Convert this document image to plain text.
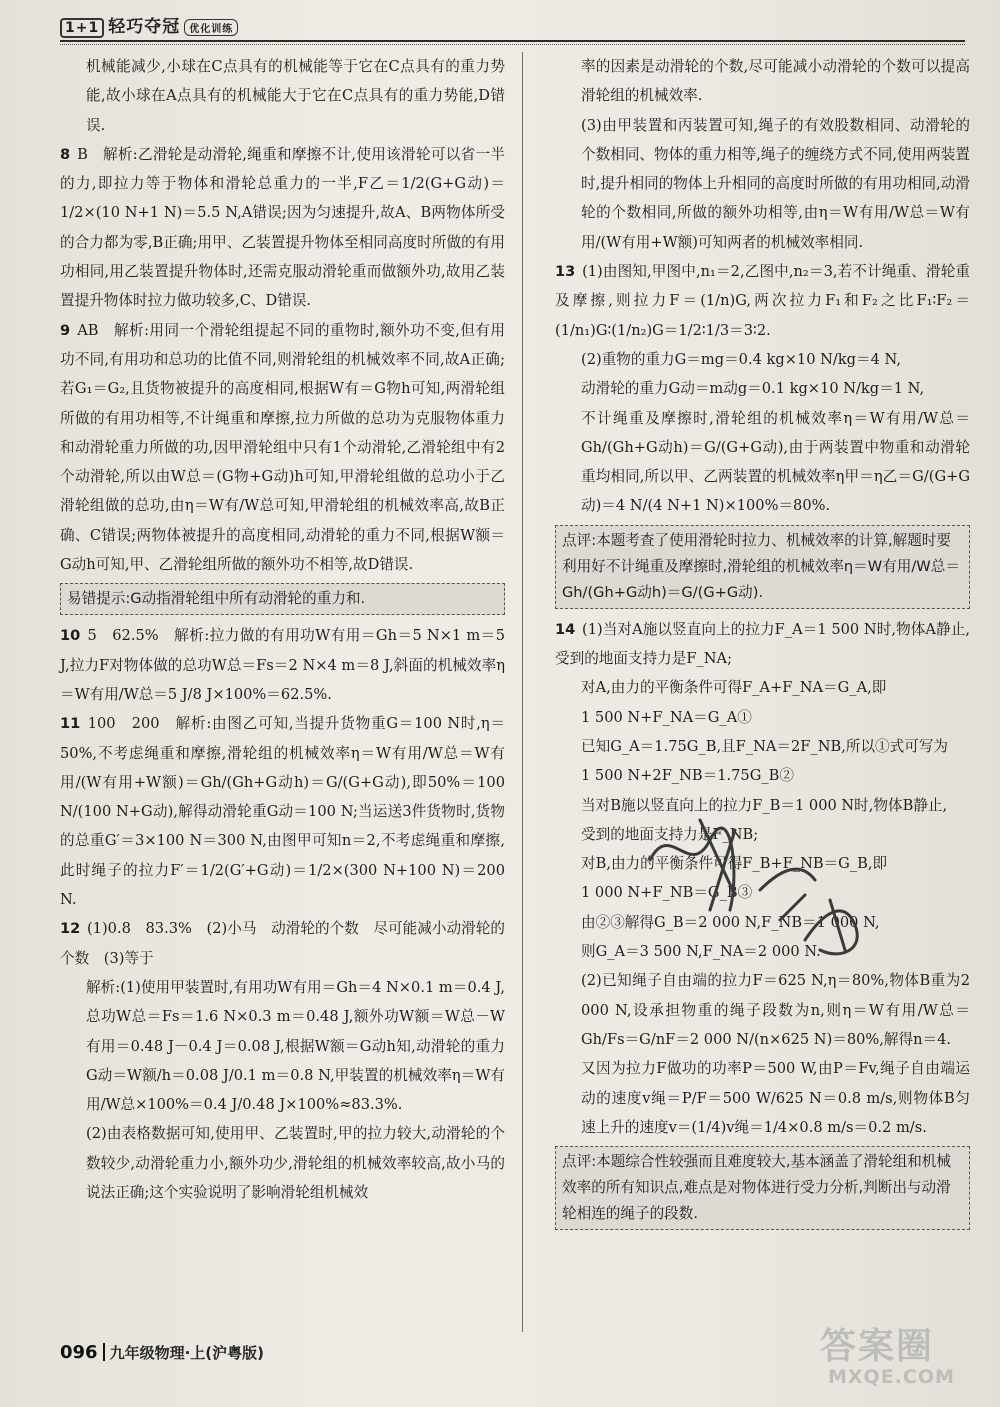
1+1 轻巧夺冠 优化训练

机械能减少,小球在C点具有的机械能等于它在C点具有的重力势能,故小球在A点具有的机械能大于它在C点具有的重力势能,D错误.

8 B　解析:乙滑轮是动滑轮,绳重和摩擦不计,使用该滑轮可以省一半的力,即拉力等于物体和滑轮总重力的一半,F乙＝1/2(G+G动)＝1/2×(10 N+1 N)＝5.5 N,A错误;因为匀速提升,故A、B两物体所受的合力都为零,B正确;用甲、乙装置提升物体至相同高度时所做的有用功相同,用乙装置提升物体时,还需克服动滑轮重而做额外功,故用乙装置提升物体时拉力做功较多,C、D错误.

9 AB　解析:用同一个滑轮组提起不同的重物时,额外功不变,但有用功不同,有用功和总功的比值不同,则滑轮组的机械效率不同,故A正确;若G₁＝G₂,且货物被提升的高度相同,根据W有＝G物h可知,两滑轮组所做的有用功相等,不计绳重和摩擦,拉力所做的总功为克服物体重力和动滑轮重力所做的功,因甲滑轮组中只有1个动滑轮,乙滑轮组中有2个动滑轮,所以由W总＝(G物+G动)h可知,甲滑轮组做的总功小于乙滑轮组做的总功,由η＝W有/W总可知,甲滑轮组的机械效率高,故B正确、C错误;两物体被提升的高度相同,动滑轮的重力不同,根据W额＝G动h可知,甲、乙滑轮组所做的额外功不相等,故D错误.

易错提示:G动指滑轮组中所有动滑轮的重力和.

10 5　62.5%　解析:拉力做的有用功W有用＝Gh＝5 N×1 m＝5 J,拉力F对物体做的总功W总＝Fs＝2 N×4 m＝8 J,斜面的机械效率η＝W有用/W总＝5 J/8 J×100%＝62.5%.

11 100　200　解析:由图乙可知,当提升货物重G＝100 N时,η＝50%,不考虑绳重和摩擦,滑轮组的机械效率η＝W有用/W总＝W有用/(W有用+W额)＝Gh/(Gh+G动h)＝G/(G+G动),即50%＝100 N/(100 N+G动),解得动滑轮重G动＝100 N;当运送3件货物时,货物的总重G′＝3×100 N＝300 N,由图甲可知n＝2,不考虑绳重和摩擦,此时绳子的拉力F′＝1/2(G′+G动)＝1/2×(300 N+100 N)＝200 N.

12 (1)0.8　83.3%　(2)小马　动滑轮的个数　尽可能减小动滑轮的个数　(3)等于

解析:(1)使用甲装置时,有用功W有用＝Gh＝4 N×0.1 m＝0.4 J,总功W总＝Fs＝1.6 N×0.3 m＝0.48 J,额外功W额＝W总－W有用＝0.48 J－0.4 J＝0.08 J,根据W额＝G动h知,动滑轮的重力G动＝W额/h＝0.08 J/0.1 m＝0.8 N,甲装置的机械效率η＝W有用/W总×100%＝0.4 J/0.48 J×100%≈83.3%.

(2)由表格数据可知,使用甲、乙装置时,甲的拉力较大,动滑轮的个数较少,动滑轮重力小,额外功少,滑轮组的机械效率较高,故小马的说法正确;这个实验说明了影响滑轮组机械效

率的因素是动滑轮的个数,尽可能减小动滑轮的个数可以提高滑轮组的机械效率.

(3)由甲装置和丙装置可知,绳子的有效股数相同、动滑轮的个数相同、物体的重力相等,绳子的缠绕方式不同,使用两装置时,提升相同的物体上升相同的高度时所做的有用功相同,动滑轮的个数相同,所做的额外功相等,由η＝W有用/W总＝W有用/(W有用+W额)可知两者的机械效率相同.

13 (1)由图知,甲图中,n₁＝2,乙图中,n₂＝3,若不计绳重、滑轮重及摩擦,则拉力F＝(1/n)G,两次拉力F₁和F₂之比F₁∶F₂＝(1/n₁)G∶(1/n₂)G＝1/2∶1/3＝3∶2.

(2)重物的重力G＝mg＝0.4 kg×10 N/kg＝4 N,

动滑轮的重力G动＝m动g＝0.1 kg×10 N/kg＝1 N,

不计绳重及摩擦时,滑轮组的机械效率η＝W有用/W总＝Gh/(Gh+G动h)＝G/(G+G动),由于两装置中物重和动滑轮重均相同,所以甲、乙两装置的机械效率η甲＝η乙＝G/(G+G动)＝4 N/(4 N+1 N)×100%＝80%.

点评:本题考查了使用滑轮时拉力、机械效率的计算,解题时要利用好不计绳重及摩擦时,滑轮组的机械效率η＝W有用/W总＝Gh/(Gh+G动h)＝G/(G+G动).

14 (1)当对A施以竖直向上的拉力F_A＝1 500 N时,物体A静止,受到的地面支持力是F_NA;

对A,由力的平衡条件可得F_A+F_NA＝G_A,即

1 500 N+F_NA＝G_A①

已知G_A＝1.75G_B,且F_NA＝2F_NB,所以①式可写为

1 500 N+2F_NB＝1.75G_B②

当对B施以竖直向上的拉力F_B＝1 000 N时,物体B静止,

受到的地面支持力是F_NB;

对B,由力的平衡条件可得F_B+F_NB＝G_B,即

1 000 N+F_NB＝G_B③

由②③解得G_B＝2 000 N,F_NB＝1 000 N,

则G_A＝3 500 N,F_NA＝2 000 N.

(2)已知绳子自由端的拉力F＝625 N,η＝80%,物体B重为2 000 N,设承担物重的绳子段数为n,则η＝W有用/W总＝Gh/Fs＝G/nF＝2 000 N/(n×625 N)＝80%,解得n＝4.

又因为拉力F做功的功率P＝500 W,由P＝Fv,绳子自由端运动的速度v绳＝P/F＝500 W/625 N＝0.8 m/s,则物体B匀速上升的速度v＝(1/4)v绳＝1/4×0.8 m/s＝0.2 m/s.

点评:本题综合性较强而且难度较大,基本涵盖了滑轮组和机械效率的所有知识点,难点是对物体进行受力分析,判断出与动滑轮相连的绳子的段数.
096 九年级物理·上(沪粤版)	答案圈
MXQE.COM
